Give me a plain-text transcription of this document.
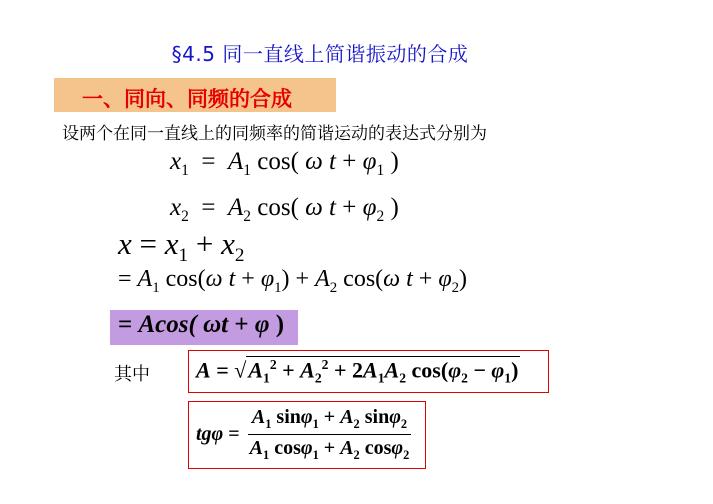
§4.5 同一直线上简谐振动的合成
一、同向、同频的合成
设两个在同一直线上的同频率的简谐运动的表达式分别为
$x_1 = A_1$ cos( ω $t + \varphi_1$ )
$x_2 = A_2$ cos( ω $t + \varphi_2$ )
$x = x_1 + x_2$
= $A_1$ cos(ω $t + \varphi_1) + A_2$ cos(ω $t + \varphi_2$)
= Acos( ωt + φ )
其中 $A = √A_1^2 + A_2^2 + 2A_1A_2$ $\cos(\varphi_2 - \varphi_1)$
$tg\varphi = \frac{A_1 \sin\varphi_1 + A_2 \sin\varphi_2}{A_1 \cos\varphi_1 + A_2 \cos\varphi_2}$
